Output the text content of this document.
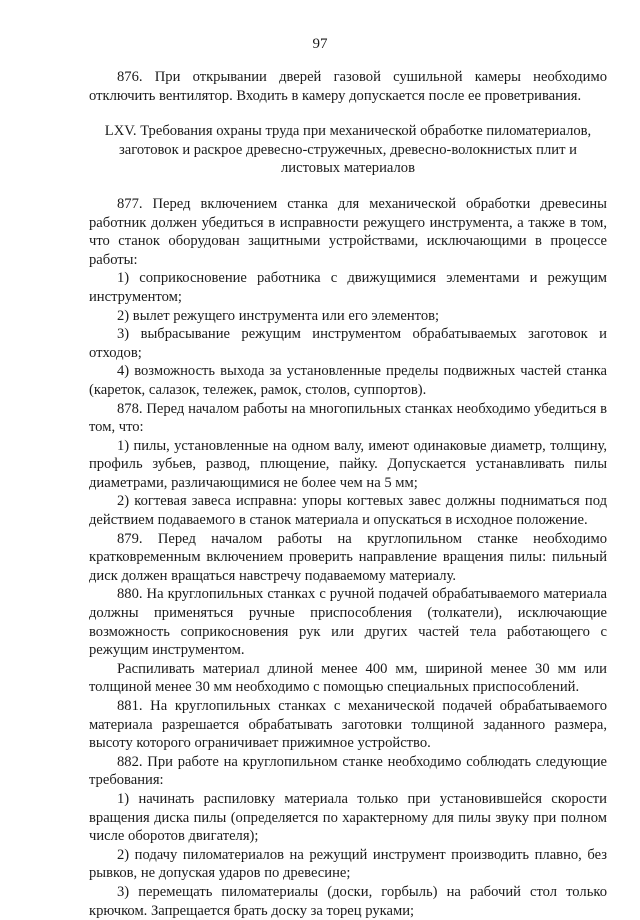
97

876. При открывании дверей газовой сушильной камеры необходимо отключить вентилятор. Входить в камеру допускается после ее проветривания.

LXV. Требования охраны труда при механической обработке пиломатериалов, заготовок и раскрое древесно-стружечных, древесно-волокнистых плит и листовых материалов

877. Перед включением станка для механической обработки древесины работник должен убедиться в исправности режущего инструмента, а также в том, что станок оборудован защитными устройствами, исключающими в процессе работы:

1) соприкосновение работника с движущимися элементами и режущим инструментом;

2) вылет режущего инструмента или его элементов;

3) выбрасывание режущим инструментом обрабатываемых заготовок и отходов;

4) возможность выхода за установленные пределы подвижных частей станка (кареток, салазок, тележек, рамок, столов, суппортов).

878. Перед началом работы на многопильных станках необходимо убедиться в том, что:

1) пилы, установленные на одном валу, имеют одинаковые диаметр, толщину, профиль зубьев, развод, плющение, пайку. Допускается устанавливать пилы диаметрами, различающимися не более чем на 5 мм;

2) когтевая завеса исправна: упоры когтевых завес должны подниматься под действием подаваемого в станок материала и опускаться в исходное положение.

879. Перед началом работы на круглопильном станке необходимо кратковременным включением проверить направление вращения пилы: пильный диск должен вращаться навстречу подаваемому материалу.

880. На круглопильных станках с ручной подачей обрабатываемого материала должны применяться ручные приспособления (толкатели), исключающие возможность соприкосновения рук или других частей тела работающего с режущим инструментом.

Распиливать материал длиной менее 400 мм, шириной менее 30 мм или толщиной менее 30 мм необходимо с помощью специальных приспособлений.

881. На круглопильных станках с механической подачей обрабатываемого материала разрешается обрабатывать заготовки толщиной заданного размера, высоту которого ограничивает прижимное устройство.

882. При работе на круглопильном станке необходимо соблюдать следующие требования:

1) начинать распиловку материала только при установившейся скорости вращения диска пилы (определяется по характерному для пилы звуку при полном числе оборотов двигателя);

2) подачу пиломатериалов на режущий инструмент производить плавно, без рывков, не допуская ударов по древесине;

3) перемещать пиломатериалы (доски, горбыль) на рабочий стол только крючком. Запрещается брать доску за торец руками;
